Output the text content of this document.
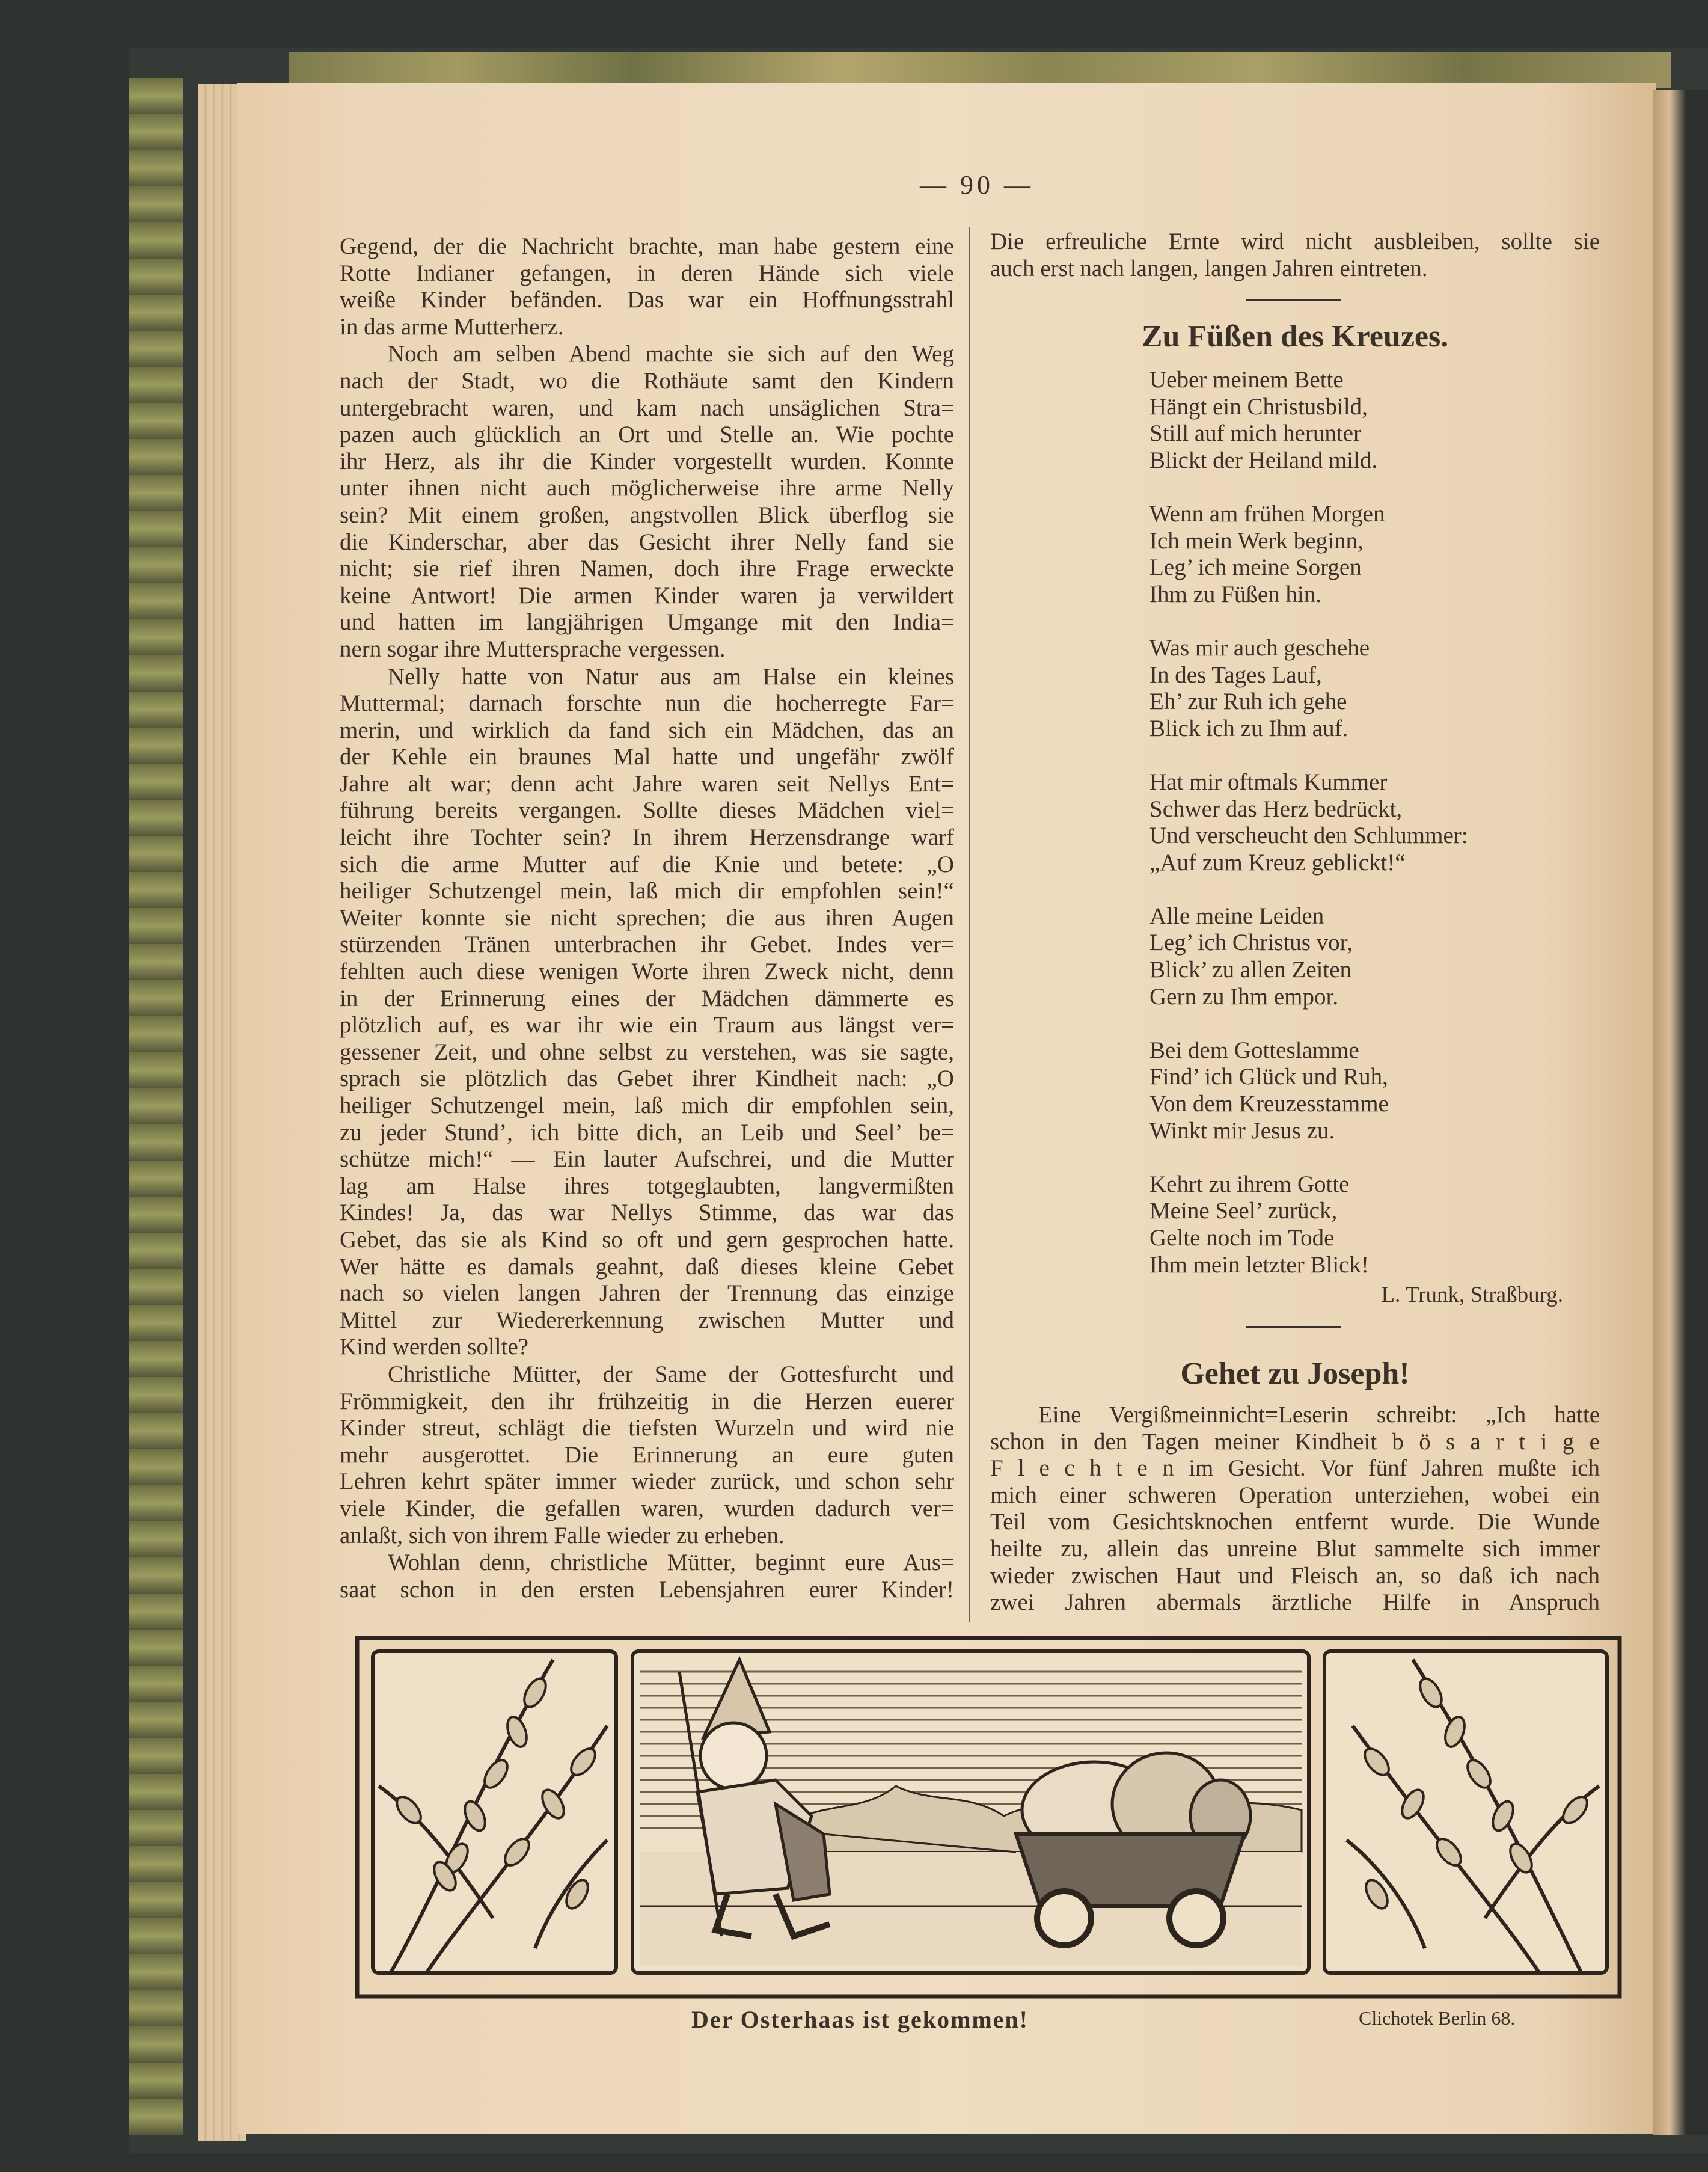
— 90 —
Gegend, der die Nachricht brachte, man habe gestern eine
Rotte Indianer gefangen, in deren Hände sich viele
weiße Kinder befänden. Das war ein Hoffnungsstrahl
in das arme Mutterherz.
Noch am selben Abend machte sie sich auf den Weg
nach der Stadt, wo die Rothäute samt den Kindern
untergebracht waren, und kam nach unsäglichen Stra=
pazen auch glücklich an Ort und Stelle an. Wie pochte
ihr Herz, als ihr die Kinder vorgestellt wurden. Konnte
unter ihnen nicht auch möglicherweise ihre arme Nelly
sein? Mit einem großen, angstvollen Blick überflog sie
die Kinderschar, aber das Gesicht ihrer Nelly fand sie
nicht; sie rief ihren Namen, doch ihre Frage erweckte
keine Antwort! Die armen Kinder waren ja verwildert
und hatten im langjährigen Umgange mit den India=
nern sogar ihre Muttersprache vergessen.
Nelly hatte von Natur aus am Halse ein kleines
Muttermal; darnach forschte nun die hocherregte Far=
merin, und wirklich da fand sich ein Mädchen, das an
der Kehle ein braunes Mal hatte und ungefähr zwölf
Jahre alt war; denn acht Jahre waren seit Nellys Ent=
führung bereits vergangen. Sollte dieses Mädchen viel=
leicht ihre Tochter sein? In ihrem Herzensdrange warf
sich die arme Mutter auf die Knie und betete: „O
heiliger Schutzengel mein, laß mich dir empfohlen sein!“
Weiter konnte sie nicht sprechen; die aus ihren Augen
stürzenden Tränen unterbrachen ihr Gebet. Indes ver=
fehlten auch diese wenigen Worte ihren Zweck nicht, denn
in der Erinnerung eines der Mädchen dämmerte es
plötzlich auf, es war ihr wie ein Traum aus längst ver=
gessener Zeit, und ohne selbst zu verstehen, was sie sagte,
sprach sie plötzlich das Gebet ihrer Kindheit nach: „O
heiliger Schutzengel mein, laß mich dir empfohlen sein,
zu jeder Stund’, ich bitte dich, an Leib und Seel’ be=
schütze mich!“ — Ein lauter Aufschrei, und die Mutter
lag am Halse ihres totgeglaubten, langvermißten
Kindes! Ja, das war Nellys Stimme, das war das
Gebet, das sie als Kind so oft und gern gesprochen hatte.
Wer hätte es damals geahnt, daß dieses kleine Gebet
nach so vielen langen Jahren der Trennung das einzige
Mittel zur Wiedererkennung zwischen Mutter und
Kind werden sollte?
Christliche Mütter, der Same der Gottesfurcht und
Frömmigkeit, den ihr frühzeitig in die Herzen euerer
Kinder streut, schlägt die tiefsten Wurzeln und wird nie
mehr ausgerottet. Die Erinnerung an eure guten
Lehren kehrt später immer wieder zurück, und schon sehr
viele Kinder, die gefallen waren, wurden dadurch ver=
anlaßt, sich von ihrem Falle wieder zu erheben.
Wohlan denn, christliche Mütter, beginnt eure Aus=
saat schon in den ersten Lebensjahren eurer Kinder!
Die erfreuliche Ernte wird nicht ausbleiben, sollte sie
auch erst nach langen, langen Jahren eintreten.
Zu Füßen des Kreuzes.
Ueber meinem Bette
Hängt ein Christusbild,
Still auf mich herunter
Blickt der Heiland mild.
Wenn am frühen Morgen
Ich mein Werk beginn,
Leg’ ich meine Sorgen
Ihm zu Füßen hin.
Was mir auch geschehe
In des Tages Lauf,
Eh’ zur Ruh ich gehe
Blick ich zu Ihm auf.
Hat mir oftmals Kummer
Schwer das Herz bedrückt,
Und verscheucht den Schlummer:
„Auf zum Kreuz geblickt!“
Alle meine Leiden
Leg’ ich Christus vor,
Blick’ zu allen Zeiten
Gern zu Ihm empor.
Bei dem Gotteslamme
Find’ ich Glück und Ruh,
Von dem Kreuzesstamme
Winkt mir Jesus zu.
Kehrt zu ihrem Gotte
Meine Seel’ zurück,
Gelte noch im Tode
Ihm mein letzter Blick!
L. Trunk, Straßburg.
Gehet zu Joseph!
Eine Vergißmeinnicht=Leserin schreibt: „Ich hatte
schon in den Tagen meiner Kindheit b ö s a r t i g e
F l e c h t e n im Gesicht. Vor fünf Jahren mußte ich
mich einer schweren Operation unterziehen, wobei ein
Teil vom Gesichtsknochen entfernt wurde. Die Wunde
heilte zu, allein das unreine Blut sammelte sich immer
wieder zwischen Haut und Fleisch an, so daß ich nach
zwei Jahren abermals ärztliche Hilfe in Anspruch
Der Osterhaas ist gekommen!	Clichotek Berlin 68.
